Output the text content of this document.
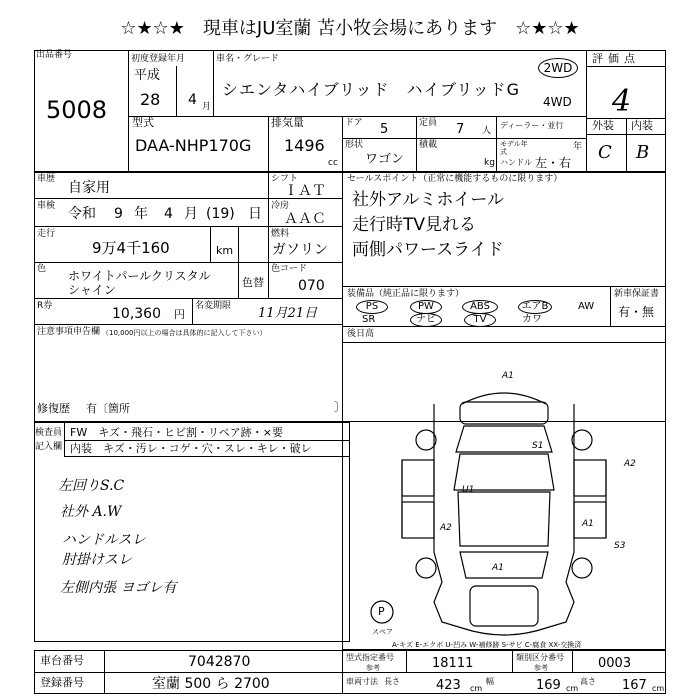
☆★☆★　現車はJU室蘭 苫小牧会場にあります　☆★☆★
出品番号
5008
初度登録年月
平成
28 4 月
車名・グレード
シエンタハイブリッド　ハイブリッドG
2WD
4WD
評価点
4
外装 内装
C B
型式
DAA-NHP170G
排気量
1496
cc
ドア 5	定員 7 人
ディーラー・並行
形状
ワゴン
積載
kg
モデル年式	年
ハンドル 左・右
車歴
自家用
車検 令和 9 年 4 月 (19) 日
走行
9万4千160	km
シフト
ＩＡＴ
冷房
ＡＡＣ
燃料
ガソリン
色 ホワイトパールクリスタル
シャイン
色替
色コード
070
R券	10,360 円
名変期限 11月21日
注意事項申告欄 （10,000円以上の場合は具体的に記入して下さい）
修復歴 有〔箇所	〕
セールスポイント（正常に機能するものに限ります）
社外アルミホイール
走行時TV見れる
両側パワースライド
装備品（純正品に限ります）	新車保証書
有・無
PS	PW	ABS	エアB	AW
SR	ナビ	TV	カワ
後日高
検査員
記入欄
FW　キズ・飛石・ヒビ割・リペア跡・×要
内装　キズ・汚レ・コゲ・穴・スレ・キレ・破レ
左回りS.C
社外 A.W
ハンドルスレ
肘掛けスレ
左側内張 ヨゴレ有
A1
S1
A2
U1
A2
A1
A1
S3
P
スペア
A-キズ E-エクボ U-凹み W-補修跡 S-サビ C-腐食 XX-交換済
車台番号	7042870
登録番号	室蘭 500 ら 2700
型式指定番号
参考	18111	類別区分番号
参考	0003
車両寸法 長さ	423 cm
幅	169 cm
高さ 167 cm
